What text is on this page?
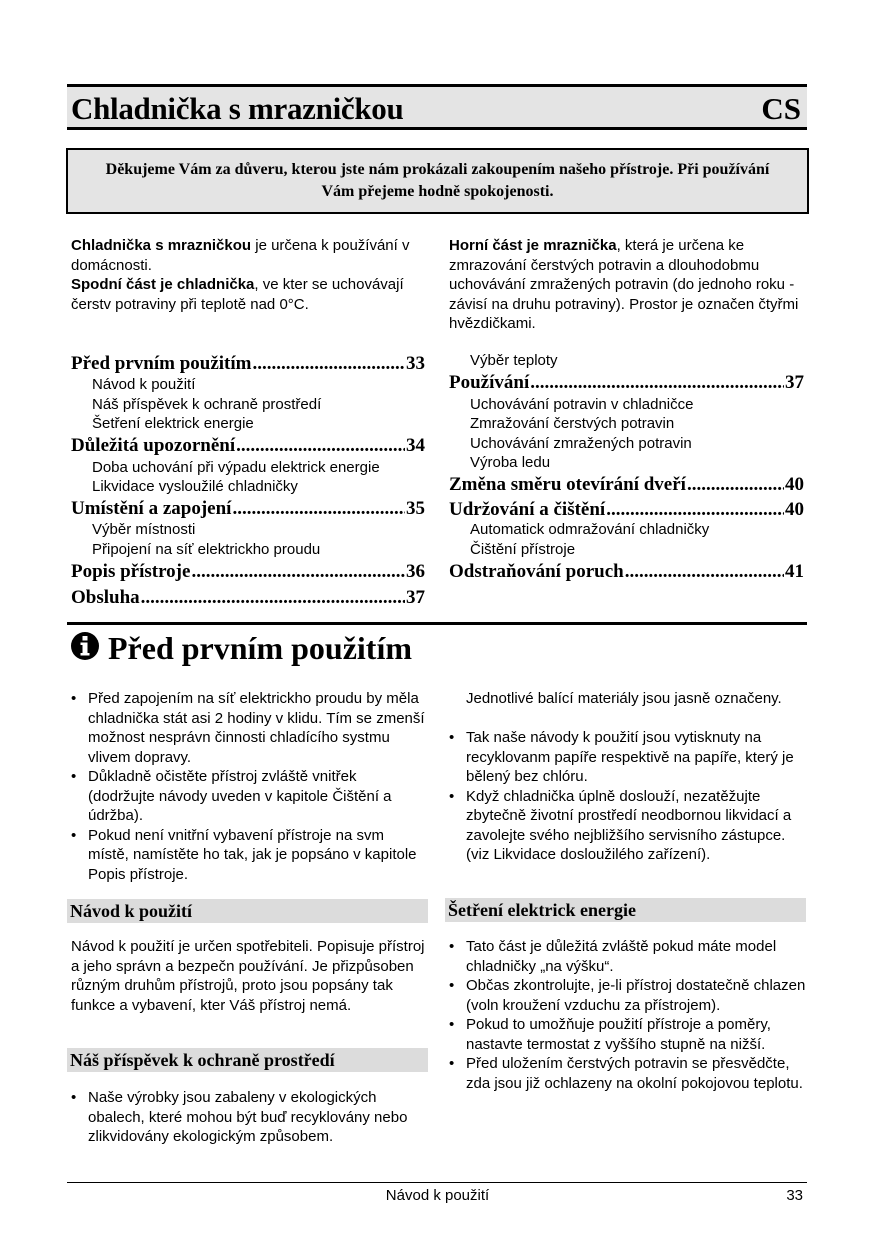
Chladnička s mrazničkou	CS
Děkujeme Vám za důveru, kterou jste nám prokázali zakoupením našeho přístroje. Při používání Vám přejeme hodně spokojenosti.
Chladnička s mrazničkou je určena k používání v domácnosti.
Spodní část je chladnička, ve kter se uchovávají čerstv potraviny při teplotě nad 0°C.
Horní část je mraznička, která je určena ke zmrazování čerstvých potravin a dlouhodobmu uchovávání zmražených potravin (do jednoho roku - závisí na druhu potraviny). Prostor je označen čtyřmi hvězdičkami.
Před prvním použitím .....	33
Návod k použití
Náš příspěvek k ochraně prostředí
Šetření elektrick energie
Důležitá upozornění .....	34
Doba uchování při výpadu elektrick energie
Likvidace vysloužilé chladničky
Umístění a zapojení .....	35
Výběr místnosti
Připojení na síť elektrickho proudu
Popis přístroje .....	36
Obsluha .....	37
Výběr teploty
Používání .....	37
Uchovávání potravin v chladničce
Zmražování čerstvých potravin
Uchovávání zmražených potravin
Výroba ledu
Změna směru otevírání dveří .....	40
Udržování a čištění .....	40
Automatick odmražování chladničky
Čištění přístroje
Odstraňování poruch .....	41
Před prvním použitím
• Před zapojením na síť elektrickho proudu by měla chladnička stát asi 2 hodiny v klidu. Tím se zmenší možnost nesprávn činnosti chladícího systmu vlivem dopravy.
• Důkladně očistěte přístroj zvláště vnitřek (dodržujte návody uveden v kapitole Čištění a údržba).
• Pokud není vnitřní vybavení přístroje na svm místě, namístěte ho tak, jak je popsáno v kapitole Popis přístroje.
Jednotlivé balící materiály jsou jasně označeny.
• Tak naše návody k použití jsou vytisknuty na recyklovanm papíře respektivě na papíře, který je bělený bez chlóru.
• Když chladnička úplně doslouží, nezatěžujte zbytečně životní prostředí neodbornou likvidací a zavolejte svého nejbližšího servisního zástupce. (viz Likvidace dosloužilého zařízení).
Návod k použití
Návod k použití je určen spotřebiteli. Popisuje přístroj a jeho správn a bezpečn používání. Je přizpůsoben různým druhům přístrojů, proto jsou popsány tak funkce a vybavení, kter Váš přístroj nemá.
Náš příspěvek k ochraně prostředí
• Naše výrobky jsou zabaleny v ekologických obalech, které mohou být buď recyklovány nebo zlikvidovány ekologickým způsobem.
Šetření elektrick energie
• Tato část je důležitá zvláště pokud máte model chladničky „na výšku“.
• Občas zkontrolujte, je-li přístroj dostatečně chlazen (voln kroužení vzduchu za přístrojem).
• Pokud to umožňuje použití přístroje a poměry, nastavte termostat z vyššího stupně na nižší.
• Před uložením čerstvých potravin se přesvědčte, zda jsou již ochlazeny na okolní pokojovou teplotu.
Návod k použití	33
